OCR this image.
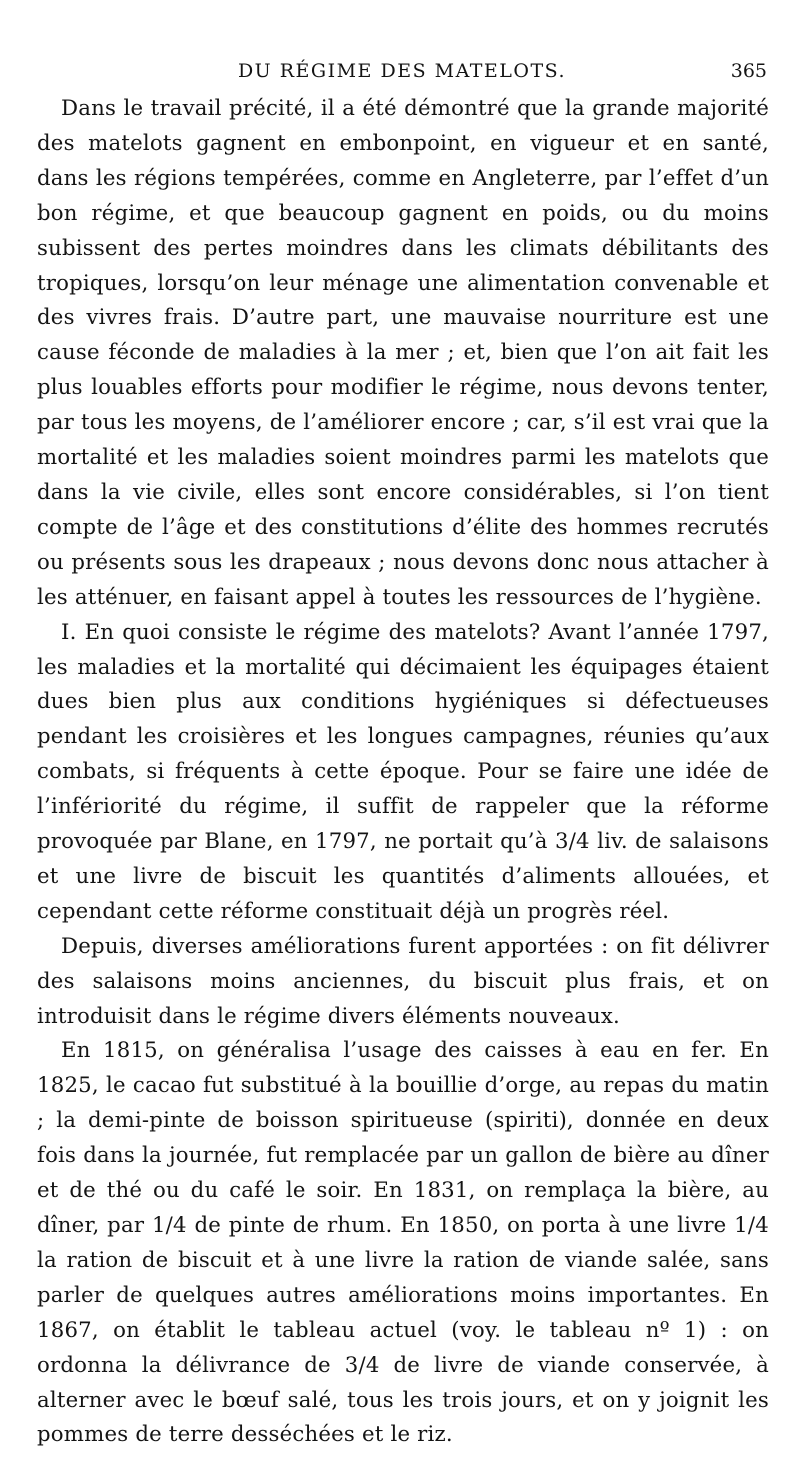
DU RÉGIME DES MATELOTS.	365

Dans le travail précité, il a été démontré que la grande majorité des matelots gagnent en embonpoint, en vigueur et en santé, dans les régions tempérées, comme en Angleterre, par l’effet d’un bon régime, et que beaucoup gagnent en poids, ou du moins subissent des pertes moindres dans les climats débilitants des tropiques, lorsqu’on leur ménage une alimentation convenable et des vivres frais. D’autre part, une mauvaise nourriture est une cause féconde de maladies à la mer ; et, bien que l’on ait fait les plus louables efforts pour modifier le régime, nous devons tenter, par tous les moyens, de l’améliorer encore ; car, s’il est vrai que la mortalité et les maladies soient moindres parmi les matelots que dans la vie civile, elles sont encore considérables, si l’on tient compte de l’âge et des constitutions d’élite des hommes recrutés ou présents sous les drapeaux ; nous devons donc nous attacher à les atténuer, en faisant appel à toutes les ressources de l’hygiène.

I. En quoi consiste le régime des matelots? Avant l’année 1797, les maladies et la mortalité qui décimaient les équipages étaient dues bien plus aux conditions hygiéniques si défectueuses pendant les croisières et les longues campagnes, réunies qu’aux combats, si fréquents à cette époque. Pour se faire une idée de l’infériorité du régime, il suffit de rappeler que la réforme provoquée par Blane, en 1797, ne portait qu’à 3/4 liv. de salaisons et une livre de biscuit les quantités d’aliments allouées, et cependant cette réforme constituait déjà un progrès réel.

Depuis, diverses améliorations furent apportées : on fit délivrer des salaisons moins anciennes, du biscuit plus frais, et on introduisit dans le régime divers éléments nouveaux.

En 1815, on généralisa l’usage des caisses à eau en fer. En 1825, le cacao fut substitué à la bouillie d’orge, au repas du matin ; la demi-pinte de boisson spiritueuse (spiriti), donnée en deux fois dans la journée, fut remplacée par un gallon de bière au dîner et de thé ou du café le soir. En 1831, on remplaça la bière, au dîner, par 1/4 de pinte de rhum. En 1850, on porta à une livre 1/4 la ration de biscuit et à une livre la ration de viande salée, sans parler de quelques autres améliorations moins importantes. En 1867, on établit le tableau actuel (voy. le tableau nº 1) : on ordonna la délivrance de 3/4 de livre de viande conservée, à alterner avec le bœuf salé, tous les trois jours, et on y joignit les pommes de terre desséchées et le riz.
